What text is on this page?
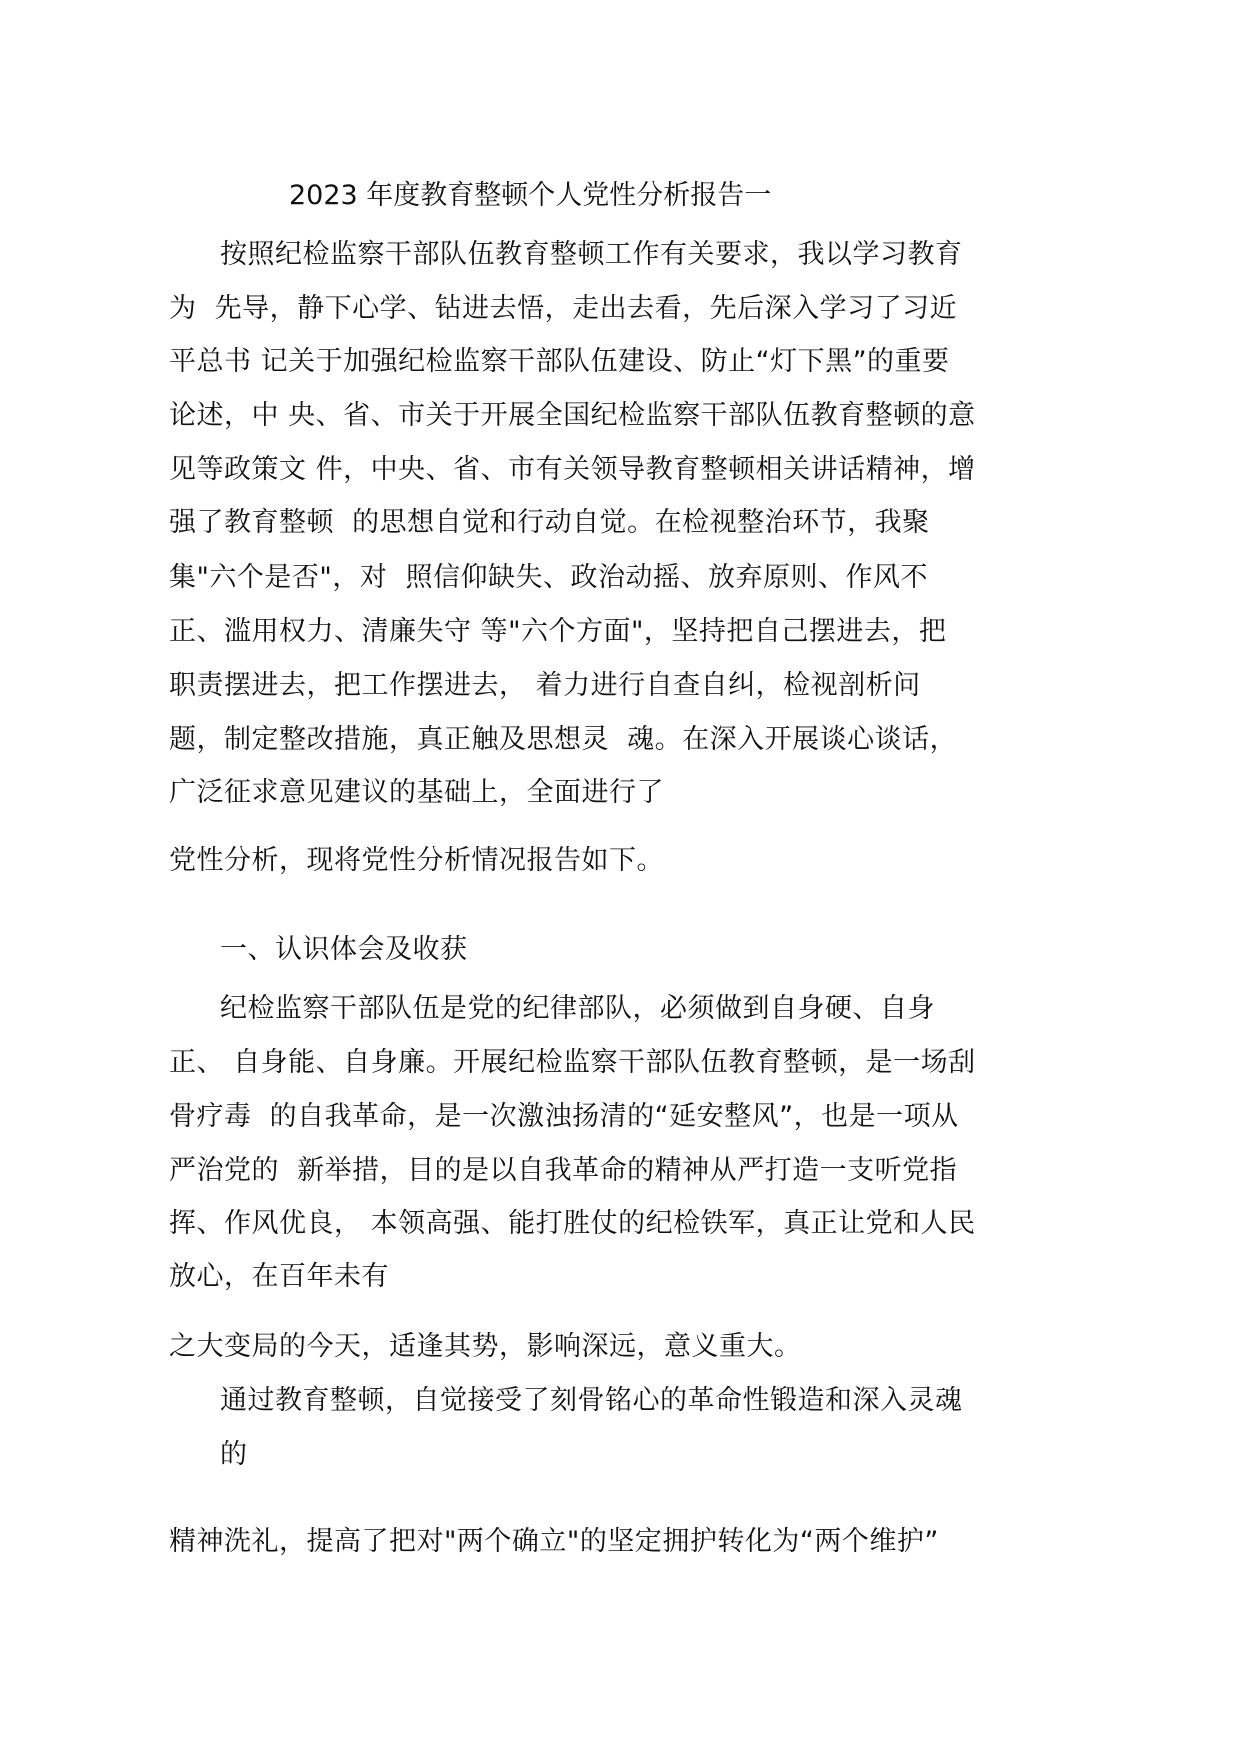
2023 年度教育整顿个人党性分析报告一
按照纪检监察干部队伍教育整顿工作有关要求，我以学习教育
为  先导，静下心学、钻进去悟，走出去看，先后深入学习了习近
平总书 记关于加强纪检监察干部队伍建设、防止“灯下黑”的重要
论述，中 央、省、市关于开展全国纪检监察干部队伍教育整顿的意
见等政策文 件，中央、省、市有关领导教育整顿相关讲话精神，增
强了教育整顿  的思想自觉和行动自觉。在检视整治环节，我聚
集"六个是否"，对  照信仰缺失、政治动摇、放弃原则、作风不
正、滥用权力、清廉失守 等"六个方面"，坚持把自己摆进去，把
职责摆进去，把工作摆进去， 着力进行自查自纠，检视剖析问
题，制定整改措施，真正触及思想灵  魂。在深入开展谈心谈话，
广泛征求意见建议的基础上，全面进行了
党性分析，现将党性分析情况报告如下。
一、认识体会及收获
纪检监察干部队伍是党的纪律部队，必须做到自身硬、自身
正、 自身能、自身廉。开展纪检监察干部队伍教育整顿，是一场刮
骨疗毒  的自我革命，是一次激浊扬清的“延安整风”，也是一项从
严治党的  新举措，目的是以自我革命的精神从严打造一支听党指
挥、作风优良， 本领高强、能打胜仗的纪检铁军，真正让党和人民
放心，在百年未有
之大变局的今天，适逢其势，影响深远，意义重大。
通过教育整顿，自觉接受了刻骨铭心的革命性锻造和深入灵魂
的
精神洗礼，提高了把对"两个确立"的坚定拥护转化为“两个维护”
